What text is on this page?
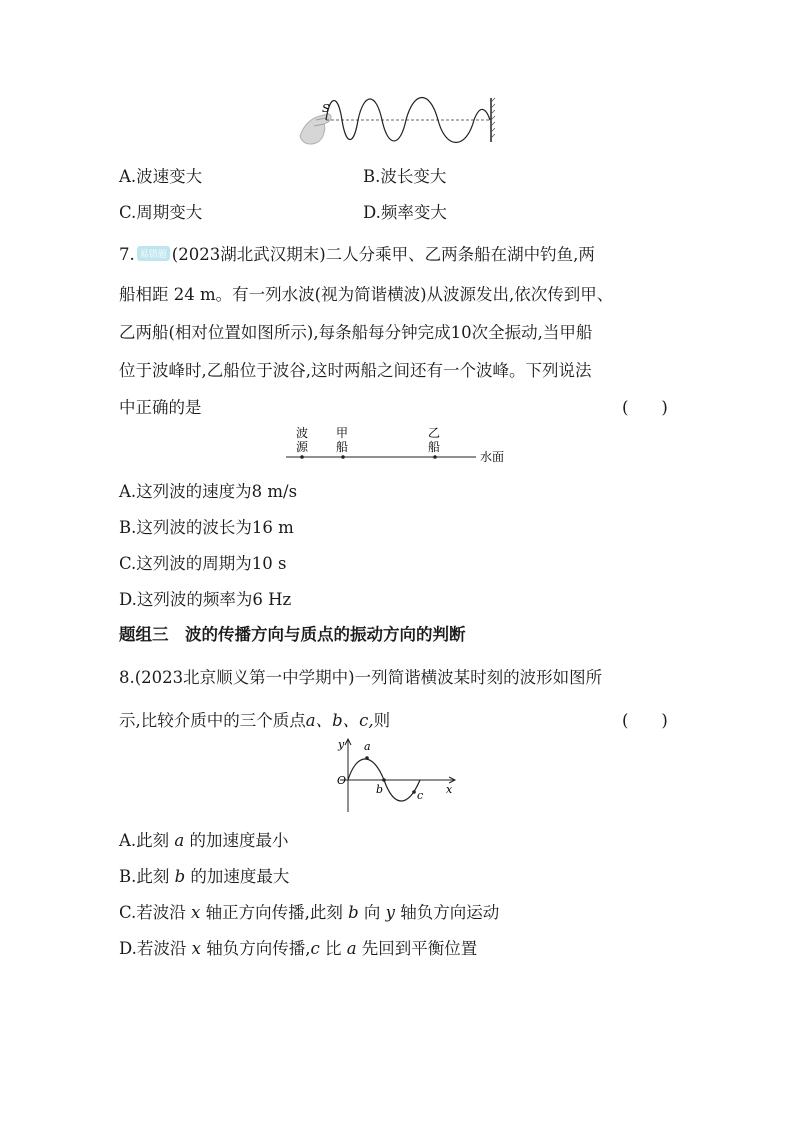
S
A.波速变大	B.波长变大
C.周期变大	D.频率变大
7. 易错题 (2023湖北武汉期末)二人分乘甲、乙两条船在湖中钓鱼,两
船相距 24 m。有一列水波(视为简谐横波)从波源发出,依次传到甲、
乙两船(相对位置如图所示),每条船每分钟完成10次全振动,当甲船
位于波峰时,乙船位于波谷,这时两船之间还有一个波峰。下列说法
中正确的是	(　　)
波
源
甲
船
乙
船
水面
A.这列波的速度为8 m/s
B.这列波的波长为16 m
C.这列波的周期为10 s
D.这列波的频率为6 Hz
题组三　波的传播方向与质点的振动方向的判断
8.(2023北京顺义第一中学期中)一列简谐横波某时刻的波形如图所
示,比较介质中的三个质点a、b、c,则	(　　)
y
x
O
a
b	c
A.此刻 a 的加速度最小
B.此刻 b 的加速度最大
C.若波沿 x 轴正方向传播,此刻 b 向 y 轴负方向运动
D.若波沿 x 轴负方向传播,c 比 a 先回到平衡位置
